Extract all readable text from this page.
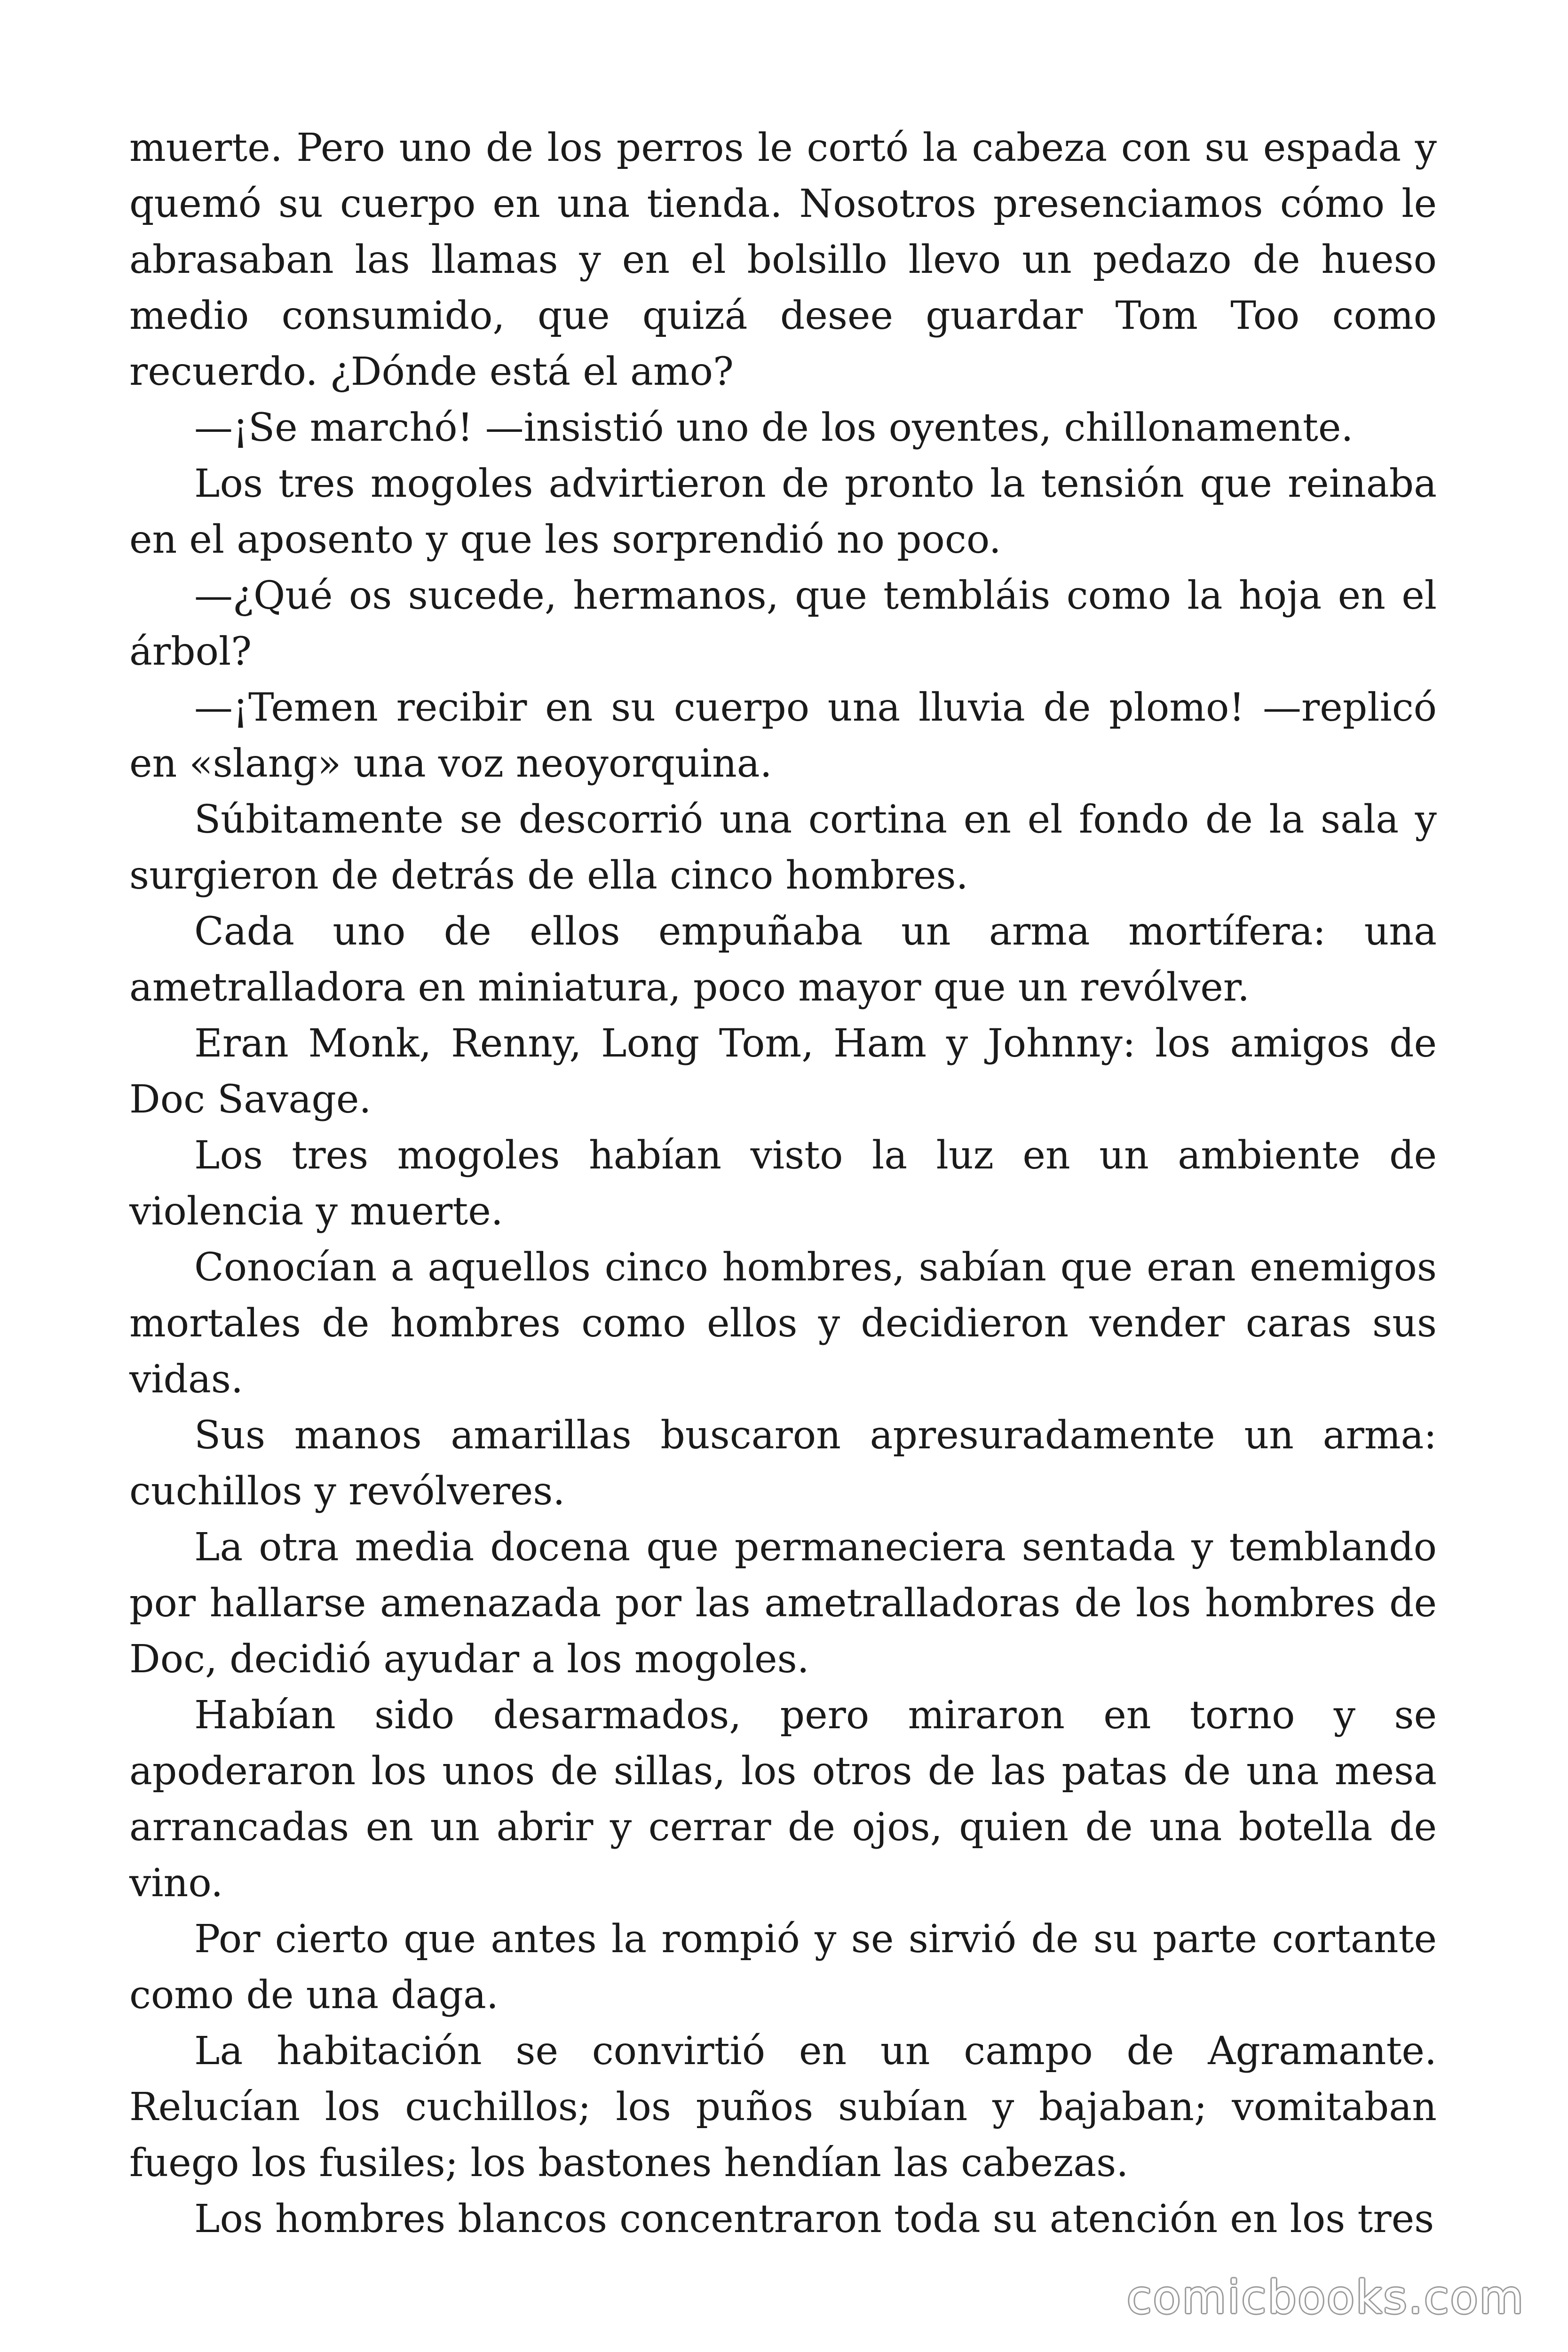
muerte. Pero uno de los perros le cortó la cabeza con su espada y quemó su cuerpo en una tienda. Nosotros presenciamos cómo le abrasaban las llamas y en el bolsillo llevo un pedazo de hueso medio consumido, que quizá desee guardar Tom Too como recuerdo. ¿Dónde está el amo?

—¡Se marchó! —insistió uno de los oyentes, chillonamente.

Los tres mogoles advirtieron de pronto la tensión que reinaba en el aposento y que les sorprendió no poco.

—¿Qué os sucede, hermanos, que tembláis como la hoja en el árbol?

—¡Temen recibir en su cuerpo una lluvia de plomo! —replicó en «slang» una voz neoyorquina.

Súbitamente se descorrió una cortina en el fondo de la sala y surgieron de detrás de ella cinco hombres.

Cada uno de ellos empuñaba un arma mortífera: una ametralladora en miniatura, poco mayor que un revólver.

Eran Monk, Renny, Long Tom, Ham y Johnny: los amigos de Doc Savage.

Los tres mogoles habían visto la luz en un ambiente de violencia y muerte.

Conocían a aquellos cinco hombres, sabían que eran enemigos mortales de hombres como ellos y decidieron vender caras sus vidas.

Sus manos amarillas buscaron apresuradamente un arma: cuchillos y revólveres.

La otra media docena que permaneciera sentada y temblando por hallarse amenazada por las ametralladoras de los hombres de Doc, decidió ayudar a los mogoles.

Habían sido desarmados, pero miraron en torno y se apoderaron los unos de sillas, los otros de las patas de una mesa arrancadas en un abrir y cerrar de ojos, quien de una botella de vino.

Por cierto que antes la rompió y se sirvió de su parte cortante como de una daga.

La habitación se convirtió en un campo de Agramante. Relucían los cuchillos; los puños subían y bajaban; vomitaban fuego los fusiles; los bastones hendían las cabezas.

Los hombres blancos concentraron toda su atención en los tres

comicbooks.com
